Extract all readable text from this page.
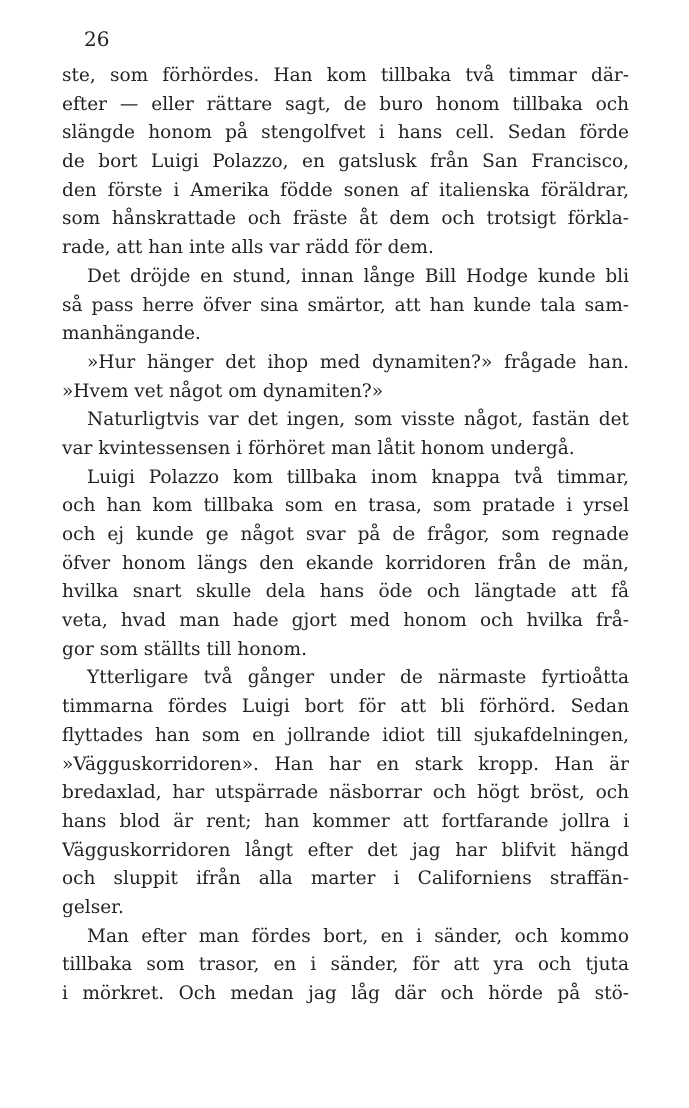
26
ste, som förhördes. Han kom tillbaka två timmar där-
efter — eller rättare sagt, de buro honom tillbaka och
slängde honom på stengolfvet i hans cell. Sedan förde
de bort Luigi Polazzo, en gatslusk från San Francisco,
den förste i Amerika födde sonen af italienska föräldrar,
som hånskrattade och fräste åt dem och trotsigt förkla-
rade, att han inte alls var rädd för dem.
Det dröjde en stund, innan långe Bill Hodge kunde bli
så pass herre öfver sina smärtor, att han kunde tala sam-
manhängande.
»Hur hänger det ihop med dynamiten?» frågade han.
»Hvem vet något om dynamiten?»
Naturligtvis var det ingen, som visste något, fastän det
var kvintessensen i förhöret man låtit honom undergå.
Luigi Polazzo kom tillbaka inom knappa två timmar,
och han kom tillbaka som en trasa, som pratade i yrsel
och ej kunde ge något svar på de frågor, som regnade
öfver honom längs den ekande korridoren från de män,
hvilka snart skulle dela hans öde och längtade att få
veta, hvad man hade gjort med honom och hvilka frå-
gor som ställts till honom.
Ytterligare två gånger under de närmaste fyrtioåtta
timmarna fördes Luigi bort för att bli förhörd. Sedan
flyttades han som en jollrande idiot till sjukafdelningen,
»Vägguskorridoren». Han har en stark kropp. Han är
bredaxlad, har utspärrade näsborrar och högt bröst, och
hans blod är rent; han kommer att fortfarande jollra i
Vägguskorridoren långt efter det jag har blifvit hängd
och sluppit ifrån alla marter i Californiens straffän-
gelser.
Man efter man fördes bort, en i sänder, och kommo
tillbaka som trasor, en i sänder, för att yra och tjuta
i mörkret. Och medan jag låg där och hörde på stö-
